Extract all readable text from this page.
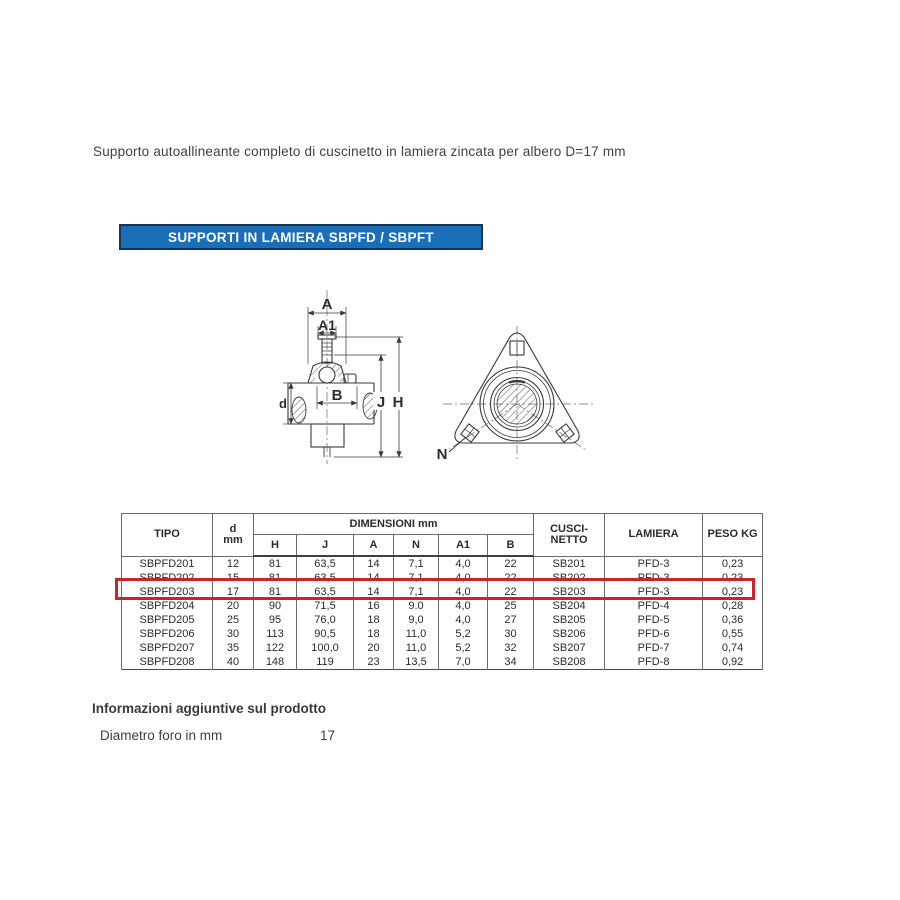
Supporto autoallineante completo di cuscinetto in lamiera zincata per albero D=17 mm
SUPPORTI IN LAMIERA SBPFD / SBPFT
A
A1
B
d	J H
N
TIPO	d
mm	DIMENSIONI mm						CUSCI-
NETTO	LAMIERA	PESO KG
		H	J	A	N	A1	B			
SBPFD201	12	81	63,5	14	7,1	4,0	22	SB201	PFD-3	0,23
SBPFD202	15	81	63,5	14	7,1	4,0	22	SB202	PFD-3	0,23
SBPFD203	17	81	63,5	14	7,1	4,0	22	SB203	PFD-3	0,23
SBPFD204	20	90	71,5	16	9.0	4,0	25	SB204	PFD-4	0,28
SBPFD205	25	95	76,0	18	9,0	4,0	27	SB205	PFD-5	0,36
SBPFD206	30	113	90,5	18	11,0	5,2	30	SB206	PFD-6	0,55
SBPFD207	35	122	100,0	20	11,0	5,2	32	SB207	PFD-7	0,74
SBPFD208	40	148	119	23	13,5	7,0	34	SB208	PFD-8	0,92
Informazioni aggiuntive sul prodotto
Diametro foro in mm	17
